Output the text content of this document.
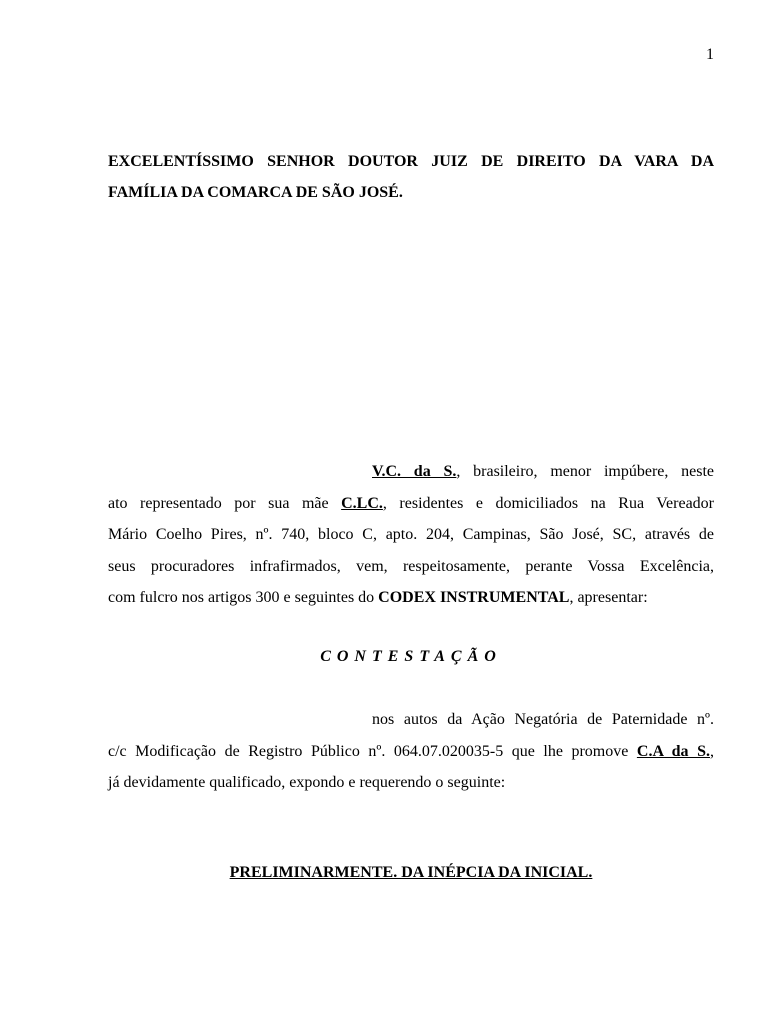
1
EXCELENTÍSSIMO SENHOR DOUTOR JUIZ DE DIREITO DA VARA DA
FAMÍLIA DA COMARCA DE SÃO JOSÉ.
V.C. da S., brasileiro, menor impúbere, neste
ato representado por sua mãe C.LC., residentes e domiciliados na Rua Vereador
Mário Coelho Pires, nº. 740, bloco C, apto. 204, Campinas, São José, SC, através de
seus procuradores infrafirmados, vem, respeitosamente, perante Vossa Excelência,
com fulcro nos artigos 300 e seguintes do CODEX INSTRUMENTAL, apresentar:
CONTESTAÇÃO
nos autos da Ação Negatória de Paternidade nº.
c/c Modificação de Registro Público nº. 064.07.020035-5 que lhe promove C.A da S.,
já devidamente qualificado, expondo e requerendo o seguinte:
PRELIMINARMENTE. DA INÉPCIA DA INICIAL.
